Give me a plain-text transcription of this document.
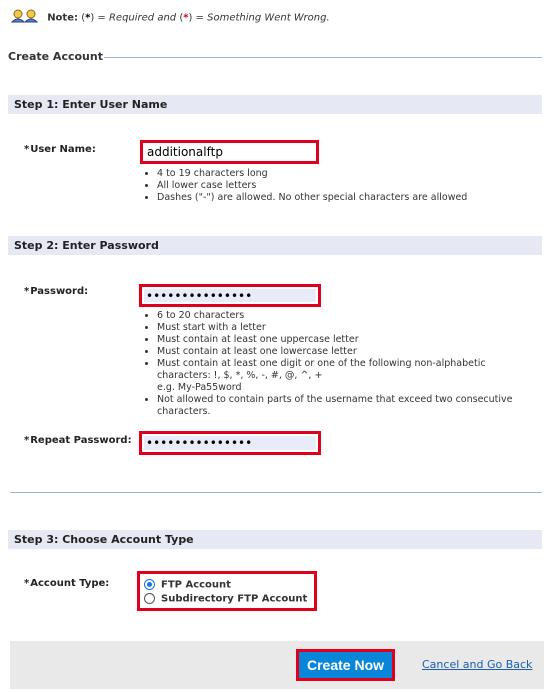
Note: (*) = Required and (*) = Something Went Wrong.
Create Account
Step 1: Enter User Name
*User Name:
additionalftp
• 4 to 19 characters long
• All lower case letters
• Dashes ("-") are allowed. No other special characters are allowed
Step 2: Enter Password
*Password:
•••••••••••••••
• 6 to 20 characters
• Must start with a letter
• Must contain at least one uppercase letter
• Must contain at least one lowercase letter
• Must contain at least one digit or one of the following non-alphabetic characters: !, $, *, %, -, #, @, ^, +
e.g. My-Pa55word
• Not allowed to contain parts of the username that exceed two consecutive characters.
*Repeat Password:
•••••••••••••••
Step 3: Choose Account Type
*Account Type:	FTP Account
Subdirectory FTP Account
Create Now	Cancel and Go Back
